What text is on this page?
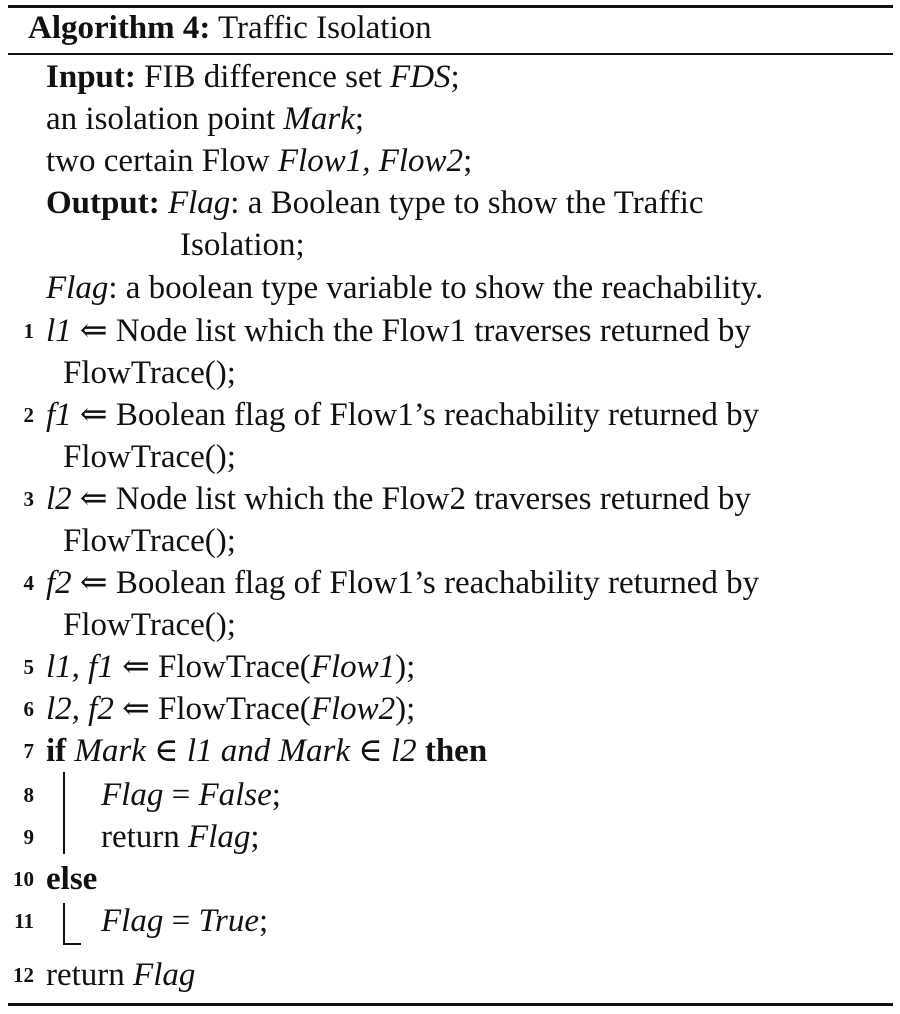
Algorithm 4: Traffic Isolation
Input: FIB difference set FDS;
an isolation point Mark;
two certain Flow Flow1, Flow2;
Output: Flag: a Boolean type to show the Traffic
Isolation;
Flag: a boolean type variable to show the reachability.
1 l1 ⇐ Node list which the Flow1 traverses returned by
FlowTrace();
2 f1 ⇐ Boolean flag of Flow1’s reachability returned by
FlowTrace();
3 l2 ⇐ Node list which the Flow2 traverses returned by
FlowTrace();
4 f2 ⇐ Boolean flag of Flow1’s reachability returned by
FlowTrace();
5 l1, f1 ⇐ FlowTrace(Flow1);
6 l2, f2 ⇐ FlowTrace(Flow2);
7 if Mark ∈ l1 and Mark ∈ l2 then
8 Flag = False;
9 return Flag;
10 else
11 Flag = True;
12 return Flag
